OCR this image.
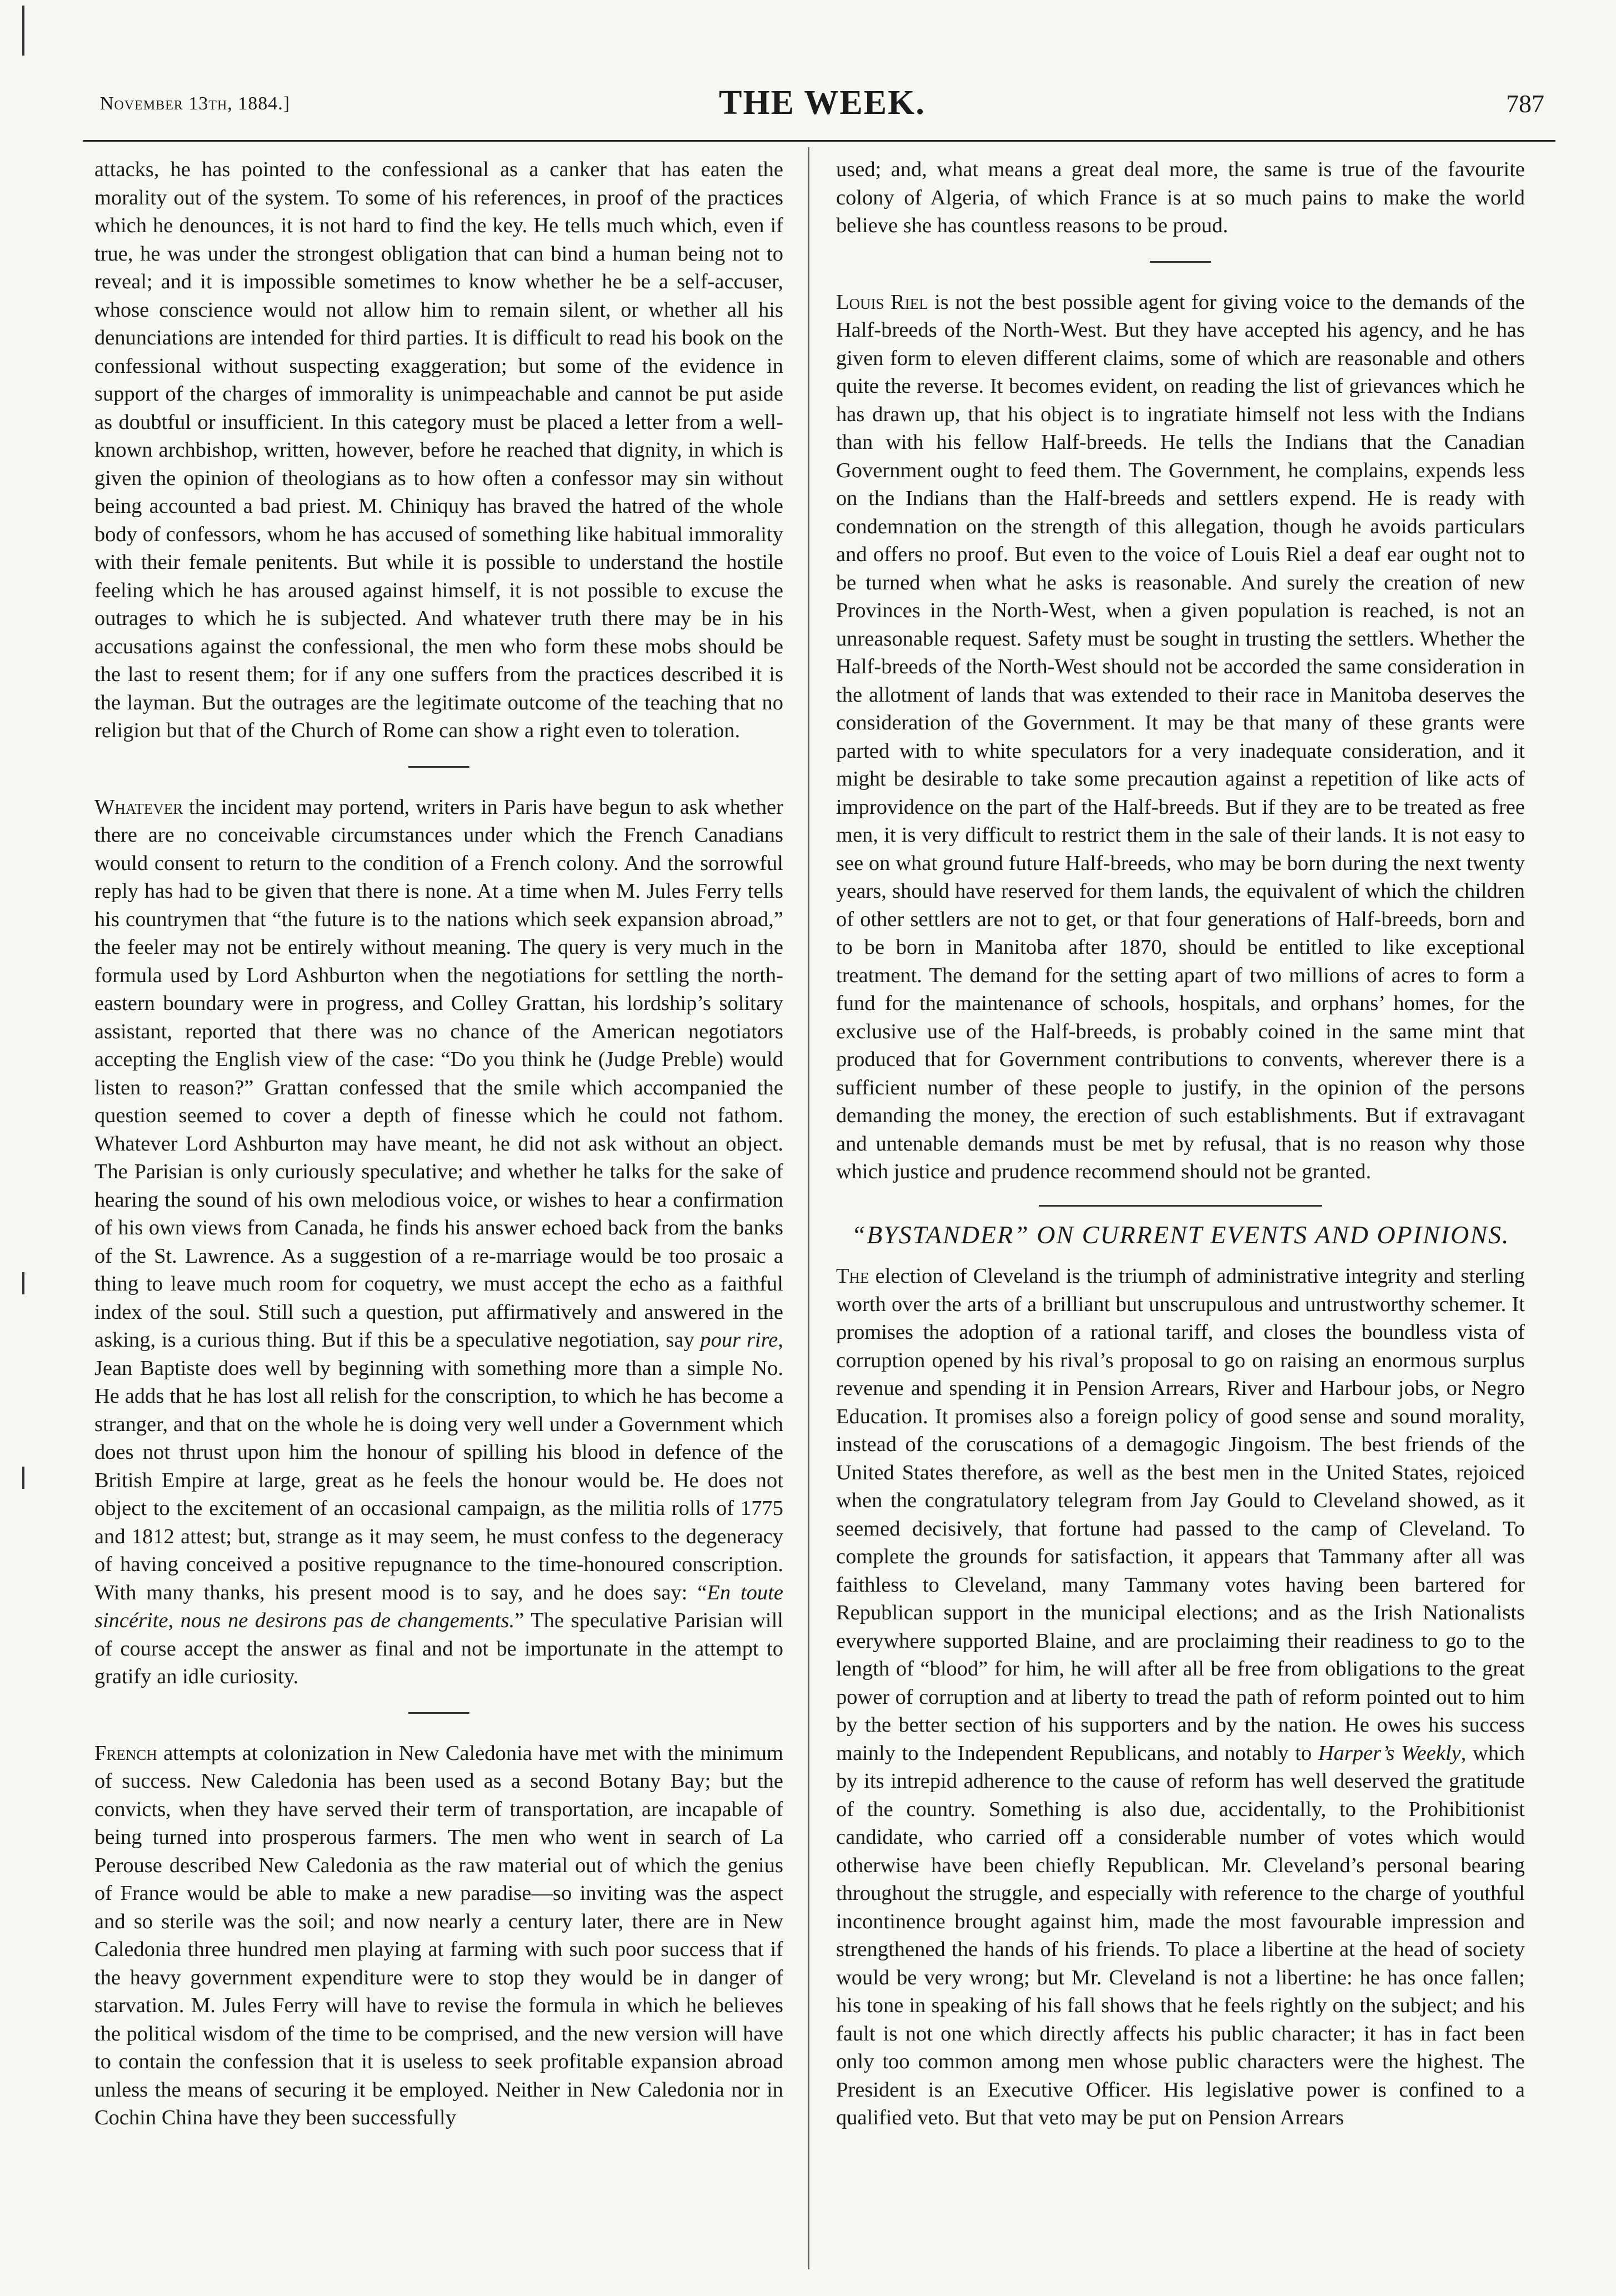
November 13th, 1884.]	THE WEEK.	787

attacks, he has pointed to the confessional as a canker that has eaten the morality out of the system. To some of his references, in proof of the practices which he denounces, it is not hard to find the key. He tells much which, even if true, he was under the strongest obligation that can bind a human being not to reveal; and it is impossible sometimes to know whether he be a self-accuser, whose conscience would not allow him to remain silent, or whether all his denunciations are intended for third parties. It is difficult to read his book on the confessional without suspecting exaggeration; but some of the evidence in support of the charges of immorality is unimpeachable and cannot be put aside as doubtful or insufficient. In this category must be placed a letter from a well-known archbishop, written, however, before he reached that dignity, in which is given the opinion of theologians as to how often a confessor may sin without being accounted a bad priest. M. Chiniquy has braved the hatred of the whole body of confessors, whom he has accused of something like habitual immorality with their female penitents. But while it is possible to understand the hostile feeling which he has aroused against himself, it is not possible to excuse the outrages to which he is subjected. And whatever truth there may be in his accusations against the confessional, the men who form these mobs should be the last to resent them; for if any one suffers from the practices described it is the layman. But the outrages are the legitimate outcome of the teaching that no religion but that of the Church of Rome can show a right even to toleration.

Whatever the incident may portend, writers in Paris have begun to ask whether there are no conceivable circumstances under which the French Canadians would consent to return to the condition of a French colony. And the sorrowful reply has had to be given that there is none. At a time when M. Jules Ferry tells his countrymen that “the future is to the nations which seek expansion abroad,” the feeler may not be entirely without meaning. The query is very much in the formula used by Lord Ashburton when the negotiations for settling the north-eastern boundary were in progress, and Colley Grattan, his lordship’s solitary assistant, reported that there was no chance of the American negotiators accepting the English view of the case: “Do you think he (Judge Preble) would listen to reason?” Grattan confessed that the smile which accompanied the question seemed to cover a depth of finesse which he could not fathom. Whatever Lord Ashburton may have meant, he did not ask without an object. The Parisian is only curiously speculative; and whether he talks for the sake of hearing the sound of his own melodious voice, or wishes to hear a confirmation of his own views from Canada, he finds his answer echoed back from the banks of the St. Lawrence. As a suggestion of a re-marriage would be too prosaic a thing to leave much room for coquetry, we must accept the echo as a faithful index of the soul. Still such a question, put affirmatively and answered in the asking, is a curious thing. But if this be a speculative negotiation, say pour rire, Jean Baptiste does well by beginning with something more than a simple No. He adds that he has lost all relish for the conscription, to which he has become a stranger, and that on the whole he is doing very well under a Government which does not thrust upon him the honour of spilling his blood in defence of the British Empire at large, great as he feels the honour would be. He does not object to the excitement of an occasional campaign, as the militia rolls of 1775 and 1812 attest; but, strange as it may seem, he must confess to the degeneracy of having conceived a positive repugnance to the time-honoured conscription. With many thanks, his present mood is to say, and he does say: “En toute sincérite, nous ne desirons pas de changements.” The speculative Parisian will of course accept the answer as final and not be importunate in the attempt to gratify an idle curiosity.

French attempts at colonization in New Caledonia have met with the minimum of success. New Caledonia has been used as a second Botany Bay; but the convicts, when they have served their term of transportation, are incapable of being turned into prosperous farmers. The men who went in search of La Perouse described New Caledonia as the raw material out of which the genius of France would be able to make a new paradise—so inviting was the aspect and so sterile was the soil; and now nearly a century later, there are in New Caledonia three hundred men playing at farming with such poor success that if the heavy government expenditure were to stop they would be in danger of starvation. M. Jules Ferry will have to revise the formula in which he believes the political wisdom of the time to be comprised, and the new version will have to contain the confession that it is useless to seek profitable expansion abroad unless the means of securing it be employed. Neither in New Caledonia nor in Cochin China have they been successfully

used; and, what means a great deal more, the same is true of the favourite colony of Algeria, of which France is at so much pains to make the world believe she has countless reasons to be proud.

Louis Riel is not the best possible agent for giving voice to the demands of the Half-breeds of the North-West. But they have accepted his agency, and he has given form to eleven different claims, some of which are reasonable and others quite the reverse. It becomes evident, on reading the list of grievances which he has drawn up, that his object is to ingratiate himself not less with the Indians than with his fellow Half-breeds. He tells the Indians that the Canadian Government ought to feed them. The Government, he complains, expends less on the Indians than the Half-breeds and settlers expend. He is ready with condemnation on the strength of this allegation, though he avoids particulars and offers no proof. But even to the voice of Louis Riel a deaf ear ought not to be turned when what he asks is reasonable. And surely the creation of new Provinces in the North-West, when a given population is reached, is not an unreasonable request. Safety must be sought in trusting the settlers. Whether the Half-breeds of the North-West should not be accorded the same consideration in the allotment of lands that was extended to their race in Manitoba deserves the consideration of the Government. It may be that many of these grants were parted with to white speculators for a very inadequate consideration, and it might be desirable to take some precaution against a repetition of like acts of improvidence on the part of the Half-breeds. But if they are to be treated as free men, it is very difficult to restrict them in the sale of their lands. It is not easy to see on what ground future Half-breeds, who may be born during the next twenty years, should have reserved for them lands, the equivalent of which the children of other settlers are not to get, or that four generations of Half-breeds, born and to be born in Manitoba after 1870, should be entitled to like exceptional treatment. The demand for the setting apart of two millions of acres to form a fund for the maintenance of schools, hospitals, and orphans’ homes, for the exclusive use of the Half-breeds, is probably coined in the same mint that produced that for Government contributions to convents, wherever there is a sufficient number of these people to justify, in the opinion of the persons demanding the money, the erection of such establishments. But if extravagant and untenable demands must be met by refusal, that is no reason why those which justice and prudence recommend should not be granted.

“BYSTANDER” ON CURRENT EVENTS AND OPINIONS.

The election of Cleveland is the triumph of administrative integrity and sterling worth over the arts of a brilliant but unscrupulous and untrustworthy schemer. It promises the adoption of a rational tariff, and closes the boundless vista of corruption opened by his rival’s proposal to go on raising an enormous surplus revenue and spending it in Pension Arrears, River and Harbour jobs, or Negro Education. It promises also a foreign policy of good sense and sound morality, instead of the coruscations of a demagogic Jingoism. The best friends of the United States therefore, as well as the best men in the United States, rejoiced when the congratulatory telegram from Jay Gould to Cleveland showed, as it seemed decisively, that fortune had passed to the camp of Cleveland. To complete the grounds for satisfaction, it appears that Tammany after all was faithless to Cleveland, many Tammany votes having been bartered for Republican support in the municipal elections; and as the Irish Nationalists everywhere supported Blaine, and are proclaiming their readiness to go to the length of “blood” for him, he will after all be free from obligations to the great power of corruption and at liberty to tread the path of reform pointed out to him by the better section of his supporters and by the nation. He owes his success mainly to the Independent Republicans, and notably to Harper’s Weekly, which by its intrepid adherence to the cause of reform has well deserved the gratitude of the country. Something is also due, accidentally, to the Prohibitionist candidate, who carried off a considerable number of votes which would otherwise have been chiefly Republican. Mr. Cleveland’s personal bearing throughout the struggle, and especially with reference to the charge of youthful incontinence brought against him, made the most favourable impression and strengthened the hands of his friends. To place a libertine at the head of society would be very wrong; but Mr. Cleveland is not a libertine: he has once fallen; his tone in speaking of his fall shows that he feels rightly on the subject; and his fault is not one which directly affects his public character; it has in fact been only too common among men whose public characters were the highest. The President is an Executive Officer. His legislative power is confined to a qualified veto. But that veto may be put on Pension Arrears
